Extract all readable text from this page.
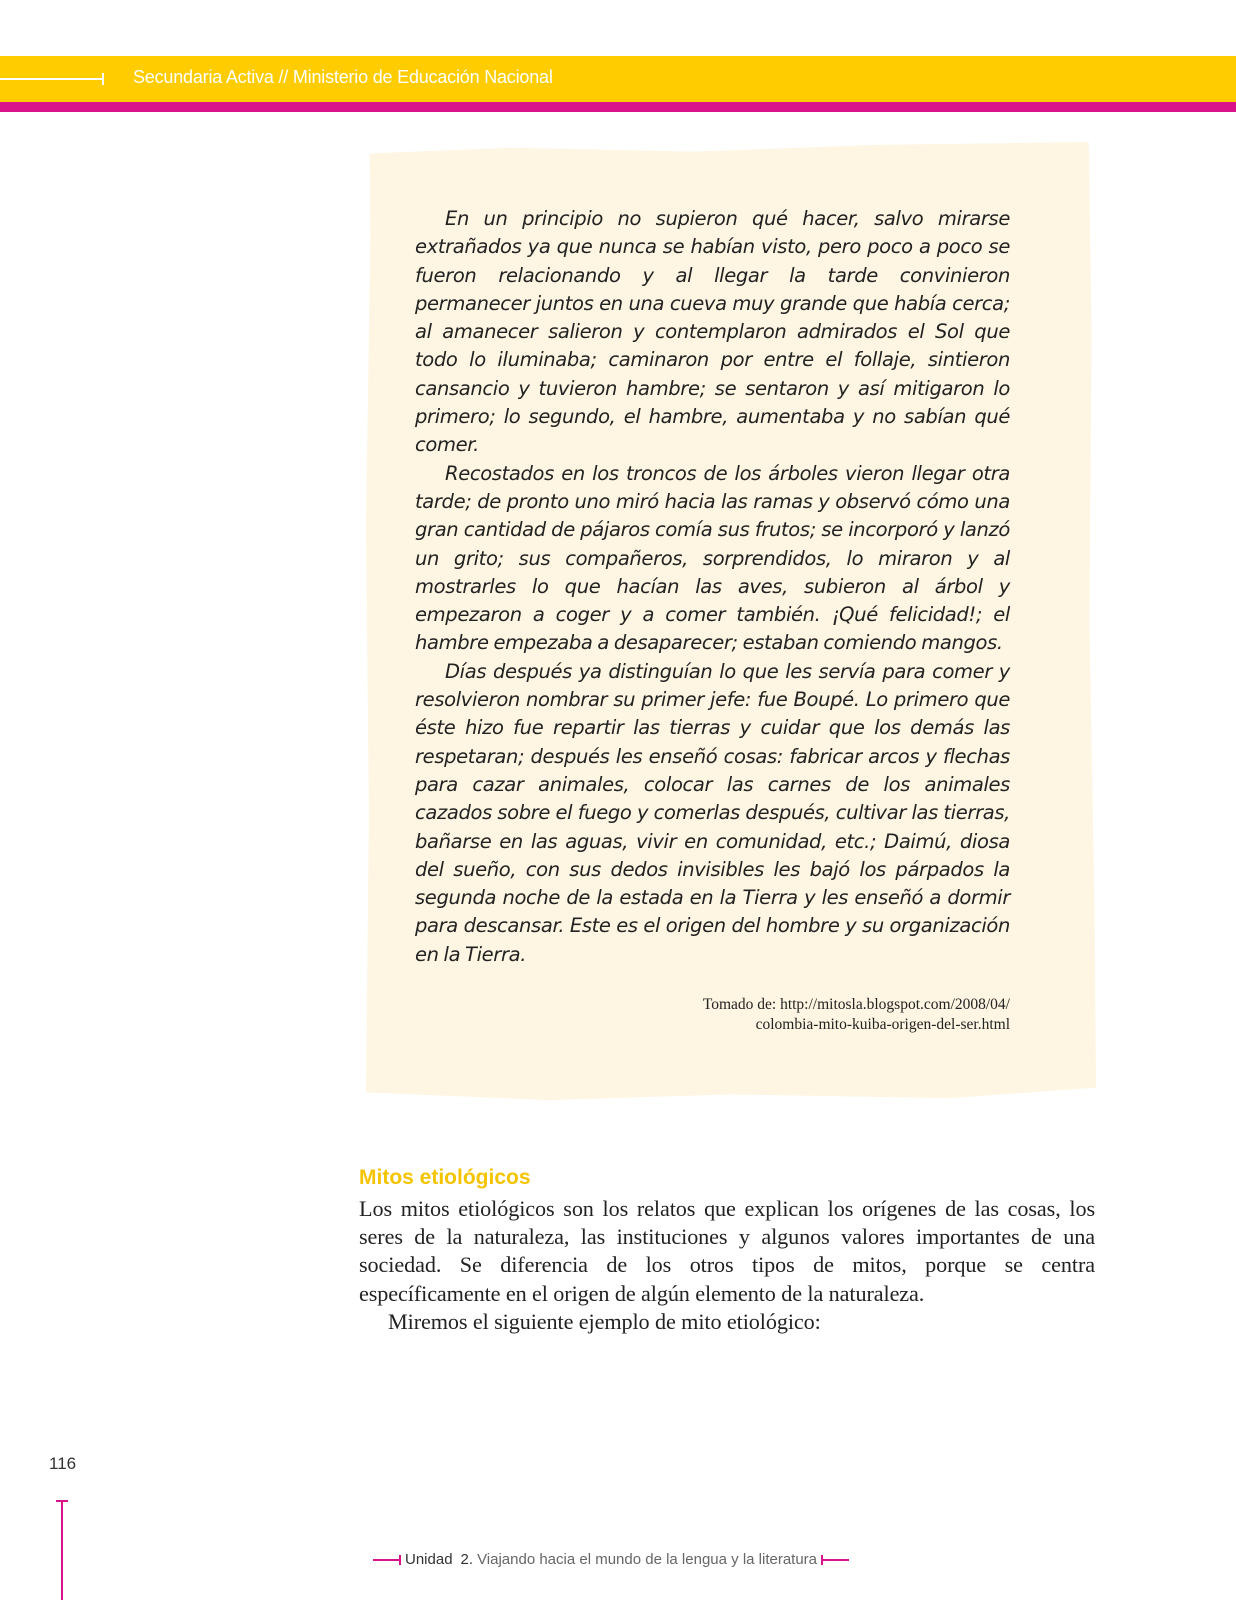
Secundaria Activa // Ministerio de Educación Nacional

En un principio no supieron qué hacer, salvo mirarse extrañados ya que nunca se habían visto, pero poco a poco se fueron relacionando y al llegar la tarde convinieron permanecer juntos en una cueva muy grande que había cerca; al amanecer salieron y contemplaron admirados el Sol que todo lo iluminaba; caminaron por entre el follaje, sintieron cansancio y tuvieron hambre; se sentaron y así mitigaron lo primero; lo segundo, el hambre, aumentaba y no sabían qué comer.

Recostados en los troncos de los árboles vieron llegar otra tarde; de pronto uno miró hacia las ramas y observó cómo una gran cantidad de pájaros comía sus frutos; se incorporó y lanzó un grito; sus compañeros, sorprendidos, lo miraron y al mostrarles lo que hacían las aves, subieron al árbol y empezaron a coger y a comer también. ¡Qué felicidad!; el hambre empezaba a desaparecer; estaban comiendo mangos.

Días después ya distinguían lo que les servía para comer y resolvieron nombrar su primer jefe: fue Boupé. Lo primero que éste hizo fue repartir las tierras y cuidar que los demás las respetaran; después les enseñó cosas: fabricar arcos y flechas para cazar animales, colocar las carnes de los animales cazados sobre el fuego y comerlas después, cultivar las tierras, bañarse en las aguas, vivir en comunidad, etc.; Daimú, diosa del sueño, con sus dedos invisibles les bajó los párpados la segunda noche de la estada en la Tierra y les enseñó a dormir para descansar. Este es el origen del hombre y su organización en la Tierra.

Tomado de: http://mitosla.blogspot.com/2008/04/
colombia-mito-kuiba-origen-del-ser.html
Mitos etiológicos

Los mitos etiológicos son los relatos que explican los orígenes de las cosas, los seres de la naturaleza, las instituciones y algunos valores importantes de una sociedad. Se diferencia de los otros tipos de mitos, porque se centra específicamente en el origen de algún elemento de la naturaleza.

Miremos el siguiente ejemplo de mito etiológico:

116
Unidad 2. Viajando hacia el mundo de la lengua y la literatura
